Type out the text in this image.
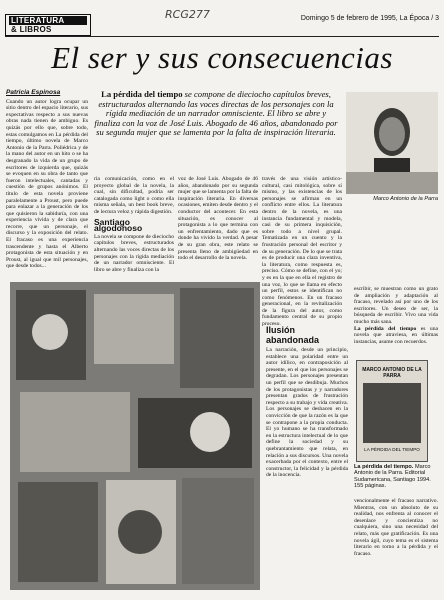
LITERATURA
& LIBROS
RCG277	Domingo 5 de febrero de 1995, La Época / 3
El ser y sus consecuencias
Patricia Espinosa
Cuando un autor logra ocupar un sitio dentro del espacio literario, sus expectativas respecto a sus nuevas obras nada tienen de ambiguo. Es quizás por ello que, sobre todo, estas comulgamos en La pérdida del tiempo, último novela de Marco Antonio de la Parra. Poliédrica y de la mano del autor en un hito o se ha desgranado la vida de un grupo de escritores de izquierda que, quizás se evoquen en su obra de tanto que fueron intelectuales, cantadas y cuestión de grupos anónimos. El título de esta novela proviene paralelamente a Proust, pero puede para enlazar a la generación de los que quisieron la sabiduría, con una experiencia vivida y de clara que recorre, que un personaje, el discurso y la exposición del relato. El fracaso es una experiencia trascendente y hasta el Alberto protagonista de esta situación y en Proust, al igual que mil personajes, que desde todos...
La pérdida del tiempo se compone de dieciocho capítulos breves, estructurados alternando las voces directas de los personajes con la rígida mediación de un narrador omnisciente. El libro se abre y finaliza con la voz de José Luis. Abogado de 46 años, abandonado por su segunda mujer que se lamenta por la falta de inspiración literaria.
ria comunicación, como en el proyecto global de la novela, la cual, sin dificultad, podría ser catalogada como light o como ella misma señala, un best book breve, de lectura veloz y rápida digestión.
Santiago algodonoso
La novela se compone de dieciocho capítulos breves, estructurados alternando las voces directas de los personajes con la rígida mediación de un narrador omnisciente. El libro se abre y finaliza con la
voz de José Luis. Abogado de 46 años, abandonado por su segunda mujer que se lamenta por la falta de inspiración literaria. En diversas ocasiones, emiten desde dentro y el conductor del acontecer. En esta situación, es conocer al protagonista a lo que termina con un enfrentamiento, dado que es donde ha vivido la verdad. A pesar de su gran obra, este relato se presenta lleno de ambigüedad en todo el desarrollo de la novela.
través de una visión artístico-cultural, casi mitológica, sobre sí mismo, y las existencias de los personajes se afirman en un conflicto entre ellos. La literatura dentro de la novela, es una instancia fundamental y modela, casi de su primera inquisición, sobre todo a nivel grupal. Tematizada en un cuento y la frustración personal del escritor y de su generación. De lo que se trata es de producir una clara inventiva, la literatura, como respuesta es, preciso. Cómo se define, con el yo; y es en la que en ella el registro de una voz, lo que se llama en efecto un perfil, estos se identifican no como fenómenos. En un fracaso generacional, en la revitalización de la figura del autor, como fundamento central de su propio proceso.
Marco Antonio de la Parra
Ilusión abandonada
La narración, desde un principio, establece una polaridad entre un autor idílico, en contraposición al presente, en el que los personajes se degradan. Los personajes presentan un perfil que se desdibuja. Muchos de los protagonistas y y narradores presentan grados de frustración respecto a su trabajo y vida creativa. Los personajes se deshacen en la convicción de que la razón es la que se contrapone a la propia conducta. El yo humano se ha transformado en la estructura intelectual de lo que define la sociedad y su quebrantamiento que relata, en relación a sus discursos. Una novela exacerbada por el contexto, entre el constructor, la felicidad y la pérdida de la inocencia.
escribir, se muestran como un grato de ampliación y adaptación al fracaso, revelado así por uno de los escritores. Un deseo de ser, la búsqueda de escribir. Vivo una vida mucho más sana.
La pérdida del tiempo es una novela que atraviesa, en últimas instancias, asume con recuerdos.
MARCO ANTONIO DE LA PARRA
LA PÉRDIDA DEL TIEMPO
La pérdida del tiempo. Marco Antonio de la Parra. Editorial Sudamericana, Santiago 1994. 155 páginas.
vencionalmente el fracaso narrativo. Mientras, con un absoluto de su realidad, nos enfrenta al conocer el desenlace y concientiza no cualquiera, sino una necesidad del relato, más que gratificación. Es una novela ágil, cuyo tema es el sistema literario en torno a la pérdida y el fracaso.
